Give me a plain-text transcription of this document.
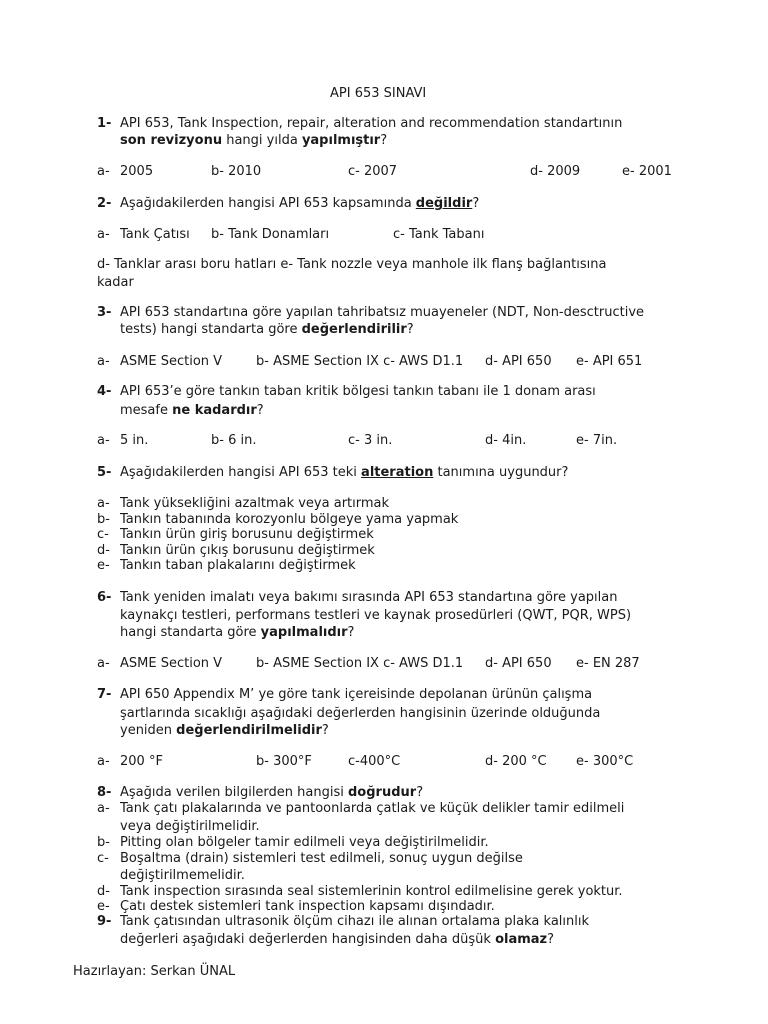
API 653 SINAVI
1- API 653, Tank Inspection, repair, alteration and recommendation standartının
son revizyonu hangi yılda yapılmıştır?
a- 2005	b- 2010	c- 2007	d- 2009	e- 2001
2- Aşağıdakilerden hangisi API 653 kapsamında değildir?
a- Tank Çatısı b- Tank Donamları	c- Tank Tabanı
d- Tanklar arası boru hatları e- Tank nozzle veya manhole ilk flanş bağlantısına
kadar
3- API 653 standartına göre yapılan tahribatsız muayeneler (NDT, Non-desctructive
tests) hangi standarta göre değerlendirilir?
a- ASME Section V	b- ASME Section IX c- AWS D1.1 d- API 650 e- API 651
4- API 653’e göre tankın taban kritik bölgesi tankın tabanı ile 1 donam arası
mesafe ne kadardır?
a- 5 in.	b- 6 in.	c- 3 in.	d- 4in.	e- 7in.
5- Aşağıdakilerden hangisi API 653 teki alteration tanımına uygundur?
a- Tank yüksekliğini azaltmak veya artırmak
b- Tankın tabanında korozyonlu bölgeye yama yapmak
c- Tankın ürün giriş borusunu değiştirmek
d- Tankın ürün çıkış borusunu değiştirmek
e- Tankın taban plakalarını değiştirmek
6- Tank yeniden imalatı veya bakımı sırasında API 653 standartına göre yapılan
kaynakçı testleri, performans testleri ve kaynak prosedürleri (QWT, PQR, WPS)
hangi standarta göre yapılmalıdır?
a- ASME Section V	b- ASME Section IX c- AWS D1.1 d- API 650 e- EN 287
7- API 650 Appendix M’ ye göre tank içereisinde depolanan ürünün çalışma
şartlarında sıcaklığı aşağıdaki değerlerden hangisinin üzerinde olduğunda
yeniden değerlendirilmelidir?
a- 200 °F	b- 300°F	c-400°C	d- 200 °C e- 300°C
8- Aşağıda verilen bilgilerden hangisi doğrudur?
a- Tank çatı plakalarında ve pantoonlarda çatlak ve küçük delikler tamir edilmeli
veya değiştirilmelidir.
b- Pitting olan bölgeler tamir edilmeli veya değiştirilmelidir.
c- Boşaltma (drain) sistemleri test edilmeli, sonuç uygun değilse
değiştirilmemelidir.
d- Tank inspection sırasında seal sistemlerinin kontrol edilmelisine gerek yoktur.
e- Çatı destek sistemleri tank inspection kapsamı dışındadır.
9- Tank çatısından ultrasonik ölçüm cihazı ile alınan ortalama plaka kalınlık
değerleri aşağıdaki değerlerden hangisinden daha düşük olamaz?
Hazırlayan: Serkan ÜNAL
